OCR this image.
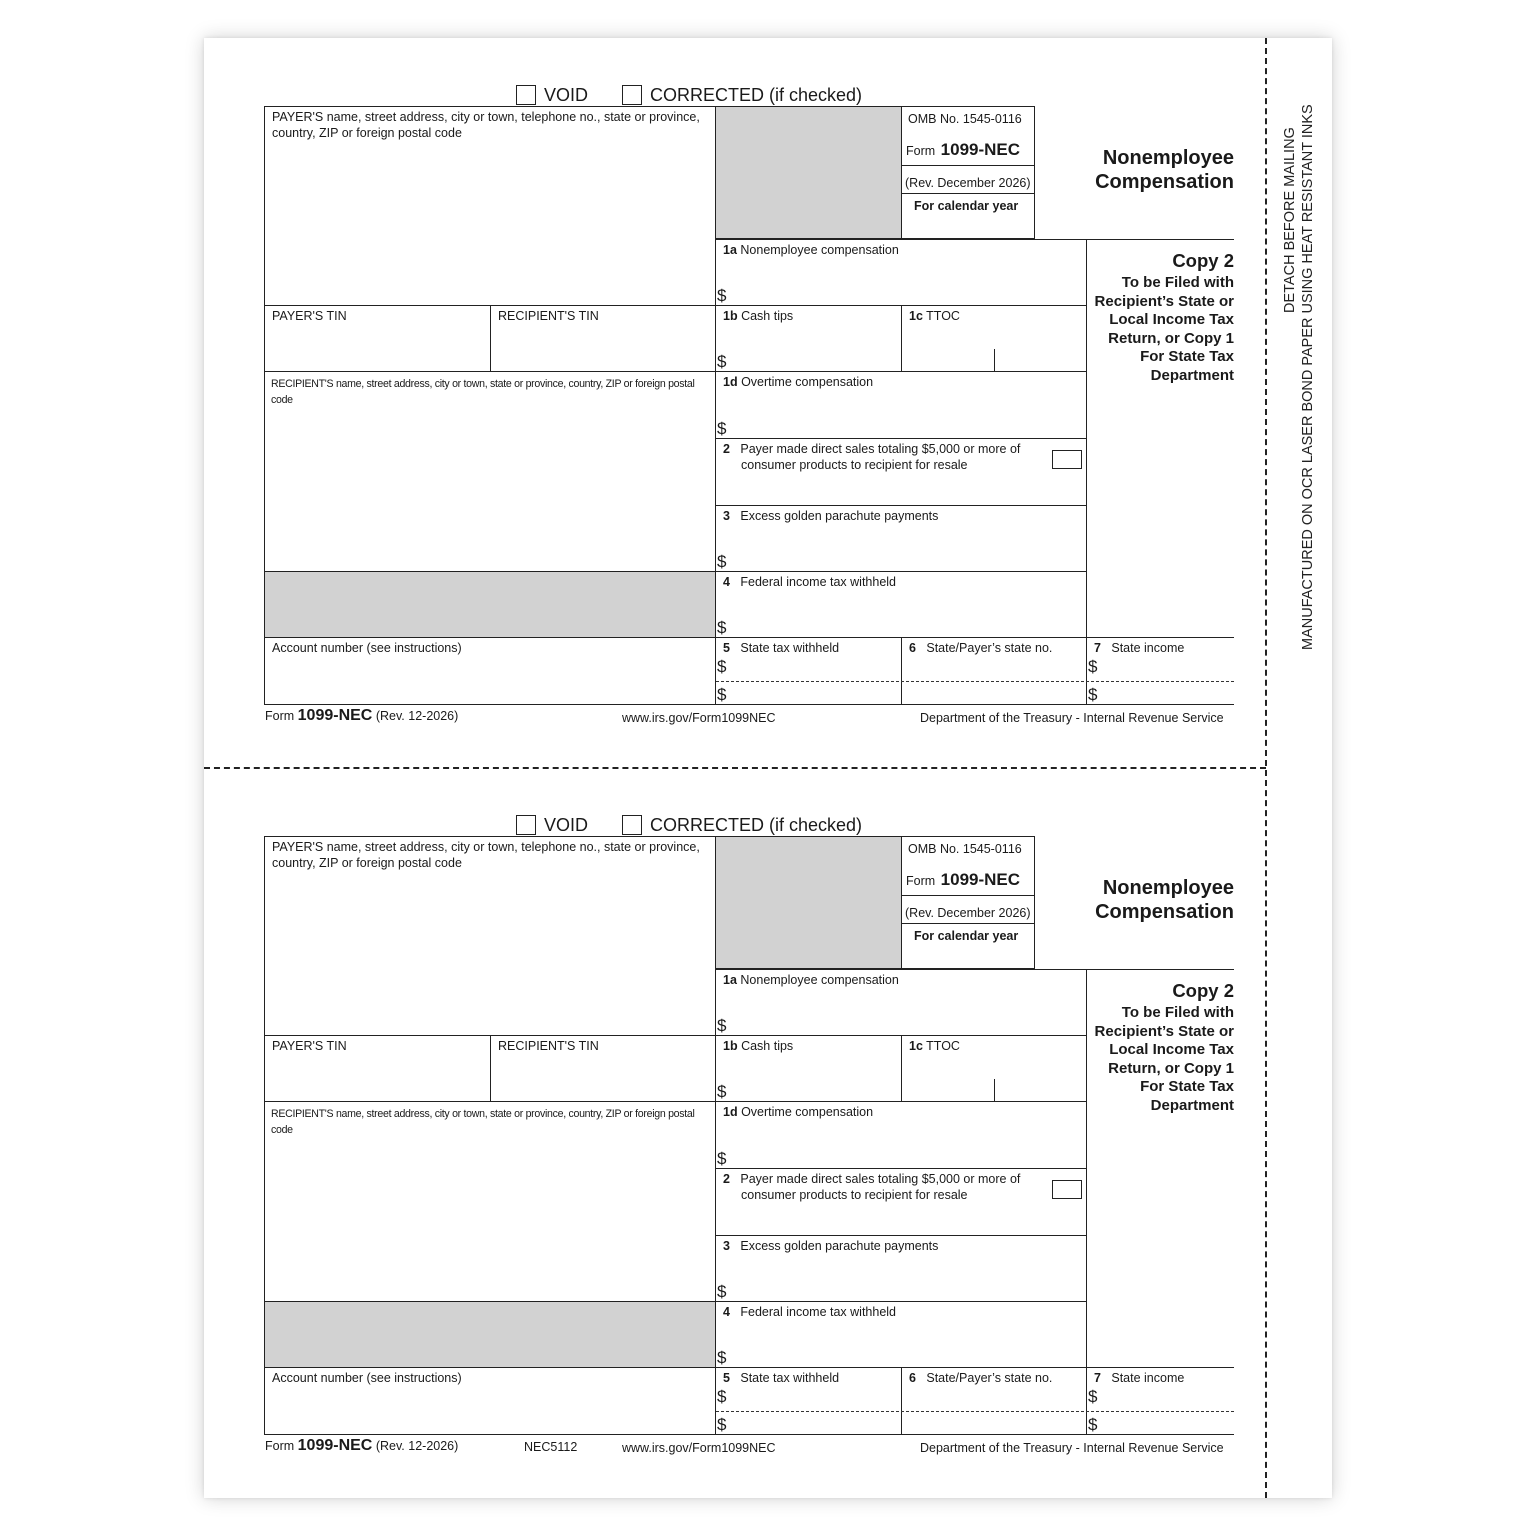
DETACH BEFORE MAILING MANUFACTURED ON OCR LASER BOND PAPER USING HEAT RESISTANT INKS
VOID	CORRECTED (if checked)
PAYER'S name, street address, city or town, telephone no., state or province, country, ZIP or foreign postal code
OMB No. 1545-0116
Form 1099-NEC
(Rev. December 2026)
For calendar year
Nonemployee
Compensation
1a Nonemployee compensation
$
Copy 2
To be Filed with
Recipient’s State or
Local Income Tax
Return, or Copy 1
For State Tax
Department
PAYER'S TIN	RECIPIENT'S TIN	1b Cash tips
$
1c TTOC
RECIPIENT'S name, street address, city or town, state or province, country, ZIP or foreign postal code
1d Overtime compensation
$
2 Payer made direct sales totaling $5,000 or more of
consumer products to recipient for resale
3 Excess golden parachute payments
$
4 Federal income tax withheld
$
Account number (see instructions)	5 State tax withheld
$
$
6 State/Payer’s state no.	7 State income
$
$
VOID	CORRECTED (if checked)
PAYER'S name, street address, city or town, telephone no., state or province, country, ZIP or foreign postal code
OMB No. 1545-0116
Form 1099-NEC
(Rev. December 2026)
For calendar year
Nonemployee
Compensation
1a Nonemployee compensation
$
Copy 2
To be Filed with
Recipient’s State or
Local Income Tax
Return, or Copy 1
For State Tax
Department
PAYER'S TIN	RECIPIENT'S TIN	1b Cash tips
$
1c TTOC
RECIPIENT'S name, street address, city or town, state or province, country, ZIP or foreign postal code
1d Overtime compensation
$
2 Payer made direct sales totaling $5,000 or more of
consumer products to recipient for resale
3 Excess golden parachute payments
$
4 Federal income tax withheld
$
Account number (see instructions)	5 State tax withheld
$
$
6 State/Payer’s state no.	7 State income
$
$
Form 1099-NEC (Rev. 12-2026)	www.irs.gov/Form1099NEC	Department of the Treasury - Internal Revenue Service
Form 1099-NEC (Rev. 12-2026)	NEC5112	www.irs.gov/Form1099NEC	Department of the Treasury - Internal Revenue Service
